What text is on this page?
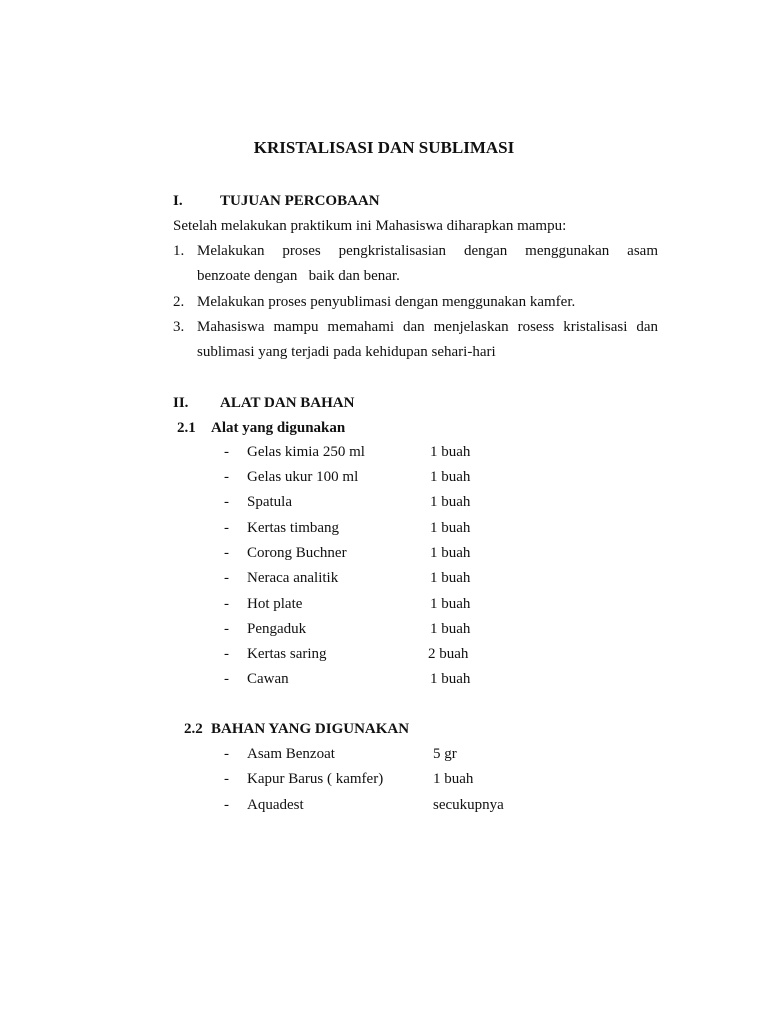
KRISTALISASI DAN SUBLIMASI
I. TUJUAN PERCOBAAN
Setelah melakukan praktikum ini Mahasiswa diharapkan mampu:
1. Melakukan proses pengkristalisasian dengan menggunakan asam
benzoate dengan   baik dan benar.
2. Melakukan proses penyublimasi dengan menggunakan kamfer.
3. Mahasiswa mampu memahami dan menjelaskan rosess kristalisasi dan
sublimasi yang terjadi pada kehidupan sehari-hari
II. ALAT DAN BAHAN
2.1 Alat yang digunakan
- Gelas kimia 250 ml	1 buah
- Gelas ukur 100 ml	1 buah
- Spatula	1 buah
- Kertas timbang	1 buah
- Corong Buchner	1 buah
- Neraca analitik	1 buah
- Hot plate	1 buah
- Pengaduk	1 buah
- Kertas saring	2 buah
- Cawan	1 buah
2.2 BAHAN YANG DIGUNAKAN
- Asam Benzoat	5 gr
- Kapur Barus ( kamfer)	1 buah
- Aquadest	secukupnya
